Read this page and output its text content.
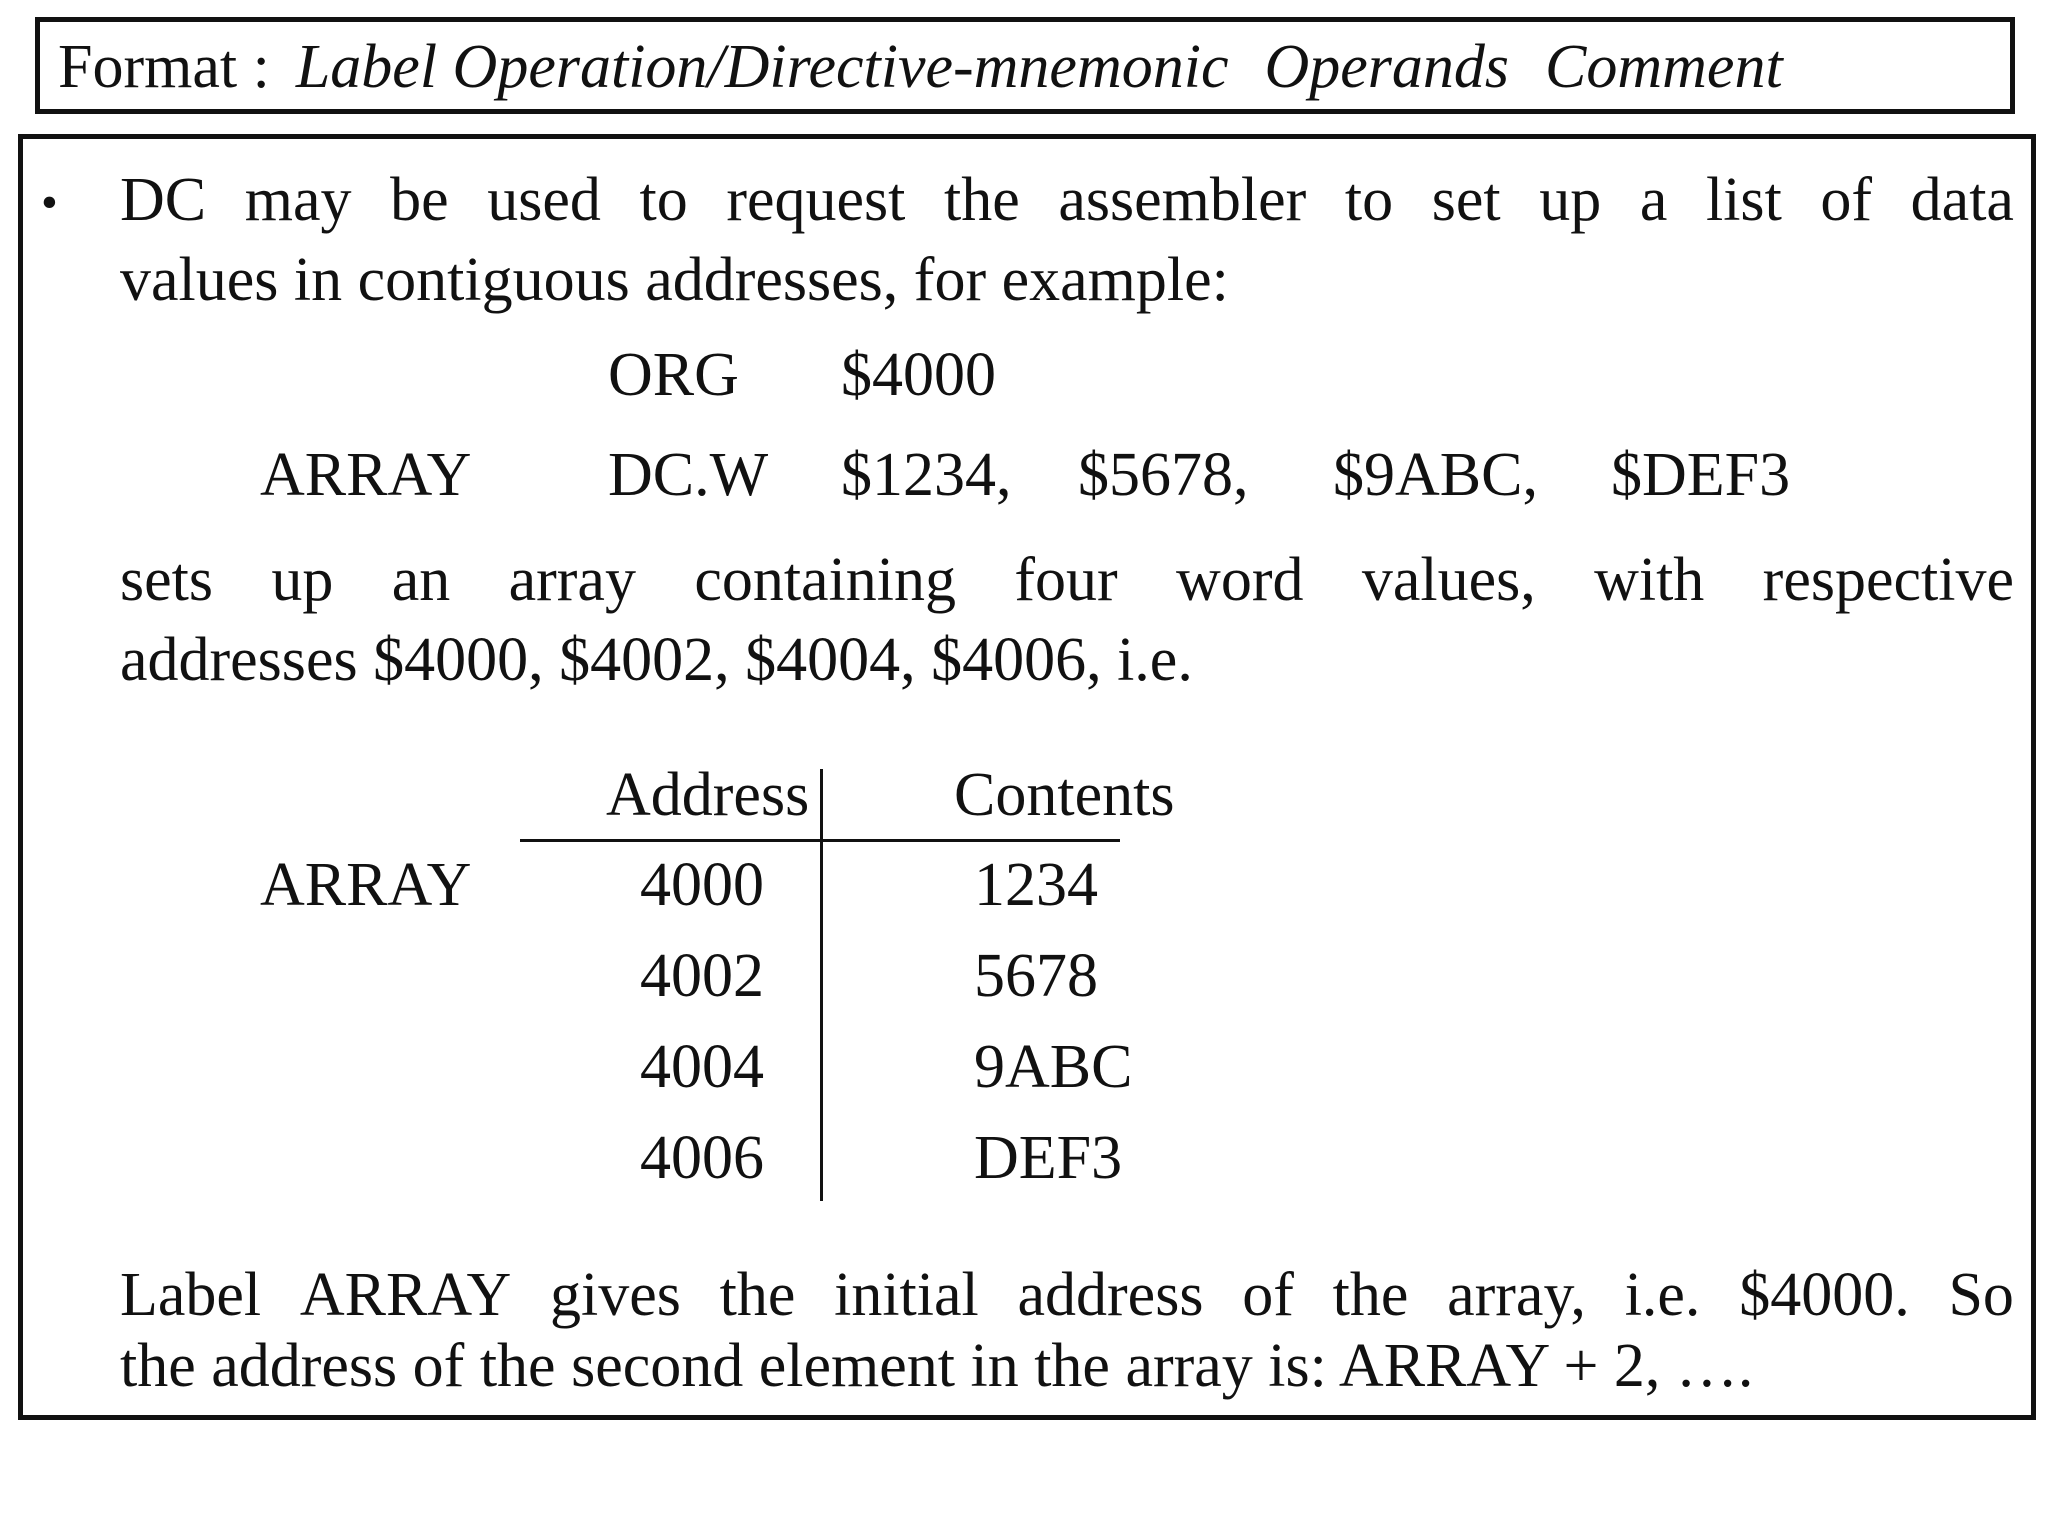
Format : Label Operation/Directive-mnemonic Operands Comment
• DC may be used to request the assembler to set up a list of data
values in contiguous addresses, for example:
ORG $4000
ARRAY DC.W $1234, $5678, $9ABC, $DEF3
sets up an array containing four word values, with respective
addresses $4000, $4002, $4004, $4006, i.e.
Address Contents
ARRAY	4000	1234
4002	5678
4004	9ABC
4006	DEF3
Label ARRAY gives the initial address of the array, i.e. $4000. So
the address of the second element in the array is: ARRAY + 2, ….
